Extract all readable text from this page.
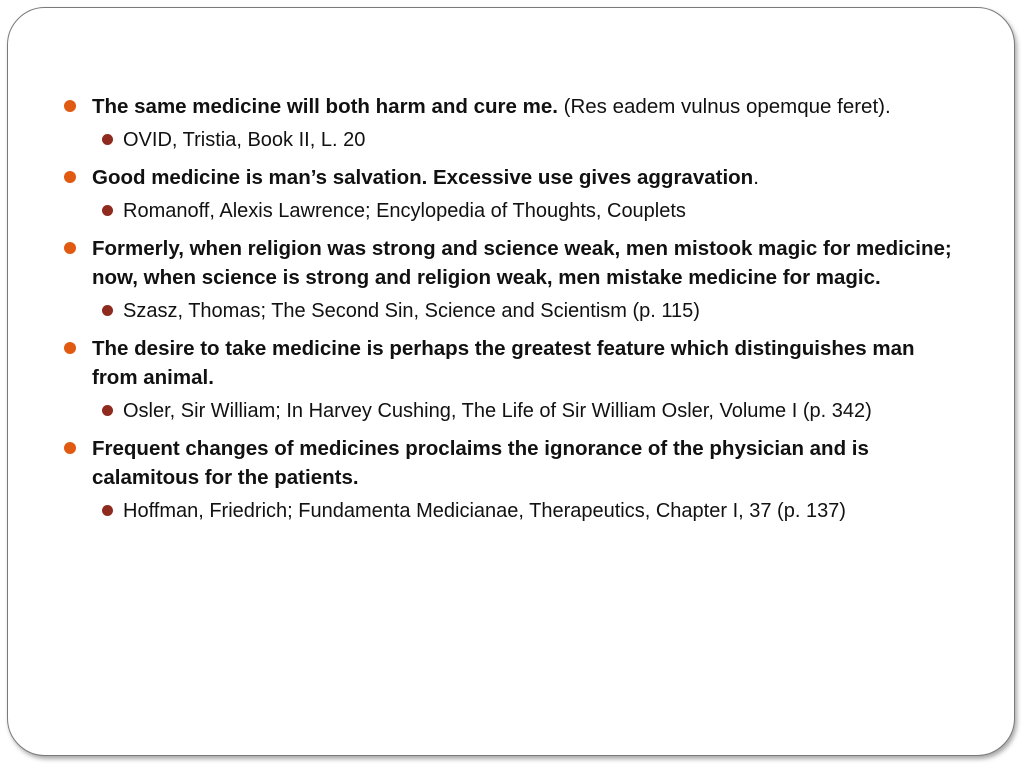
The same medicine will both harm and cure me. (Res eadem vulnus opemque feret).
OVID, Tristia, Book II, L. 20
Good medicine is man’s salvation. Excessive use gives aggravation.
Romanoff, Alexis Lawrence; Encylopedia of Thoughts, Couplets
Formerly, when religion was strong and science weak, men mistook magic for medicine; now, when science is strong and religion weak, men mistake medicine for magic.
Szasz, Thomas; The Second Sin, Science and Scientism (p. 115)
The desire to take medicine is perhaps the greatest feature which distinguishes man from animal.
Osler, Sir William; In Harvey Cushing, The Life of Sir William Osler, Volume I (p. 342)
Frequent changes of medicines proclaims the ignorance of the physician and is calamitous for the patients.
Hoffman, Friedrich; Fundamenta Medicianae, Therapeutics, Chapter I, 37 (p. 137)
